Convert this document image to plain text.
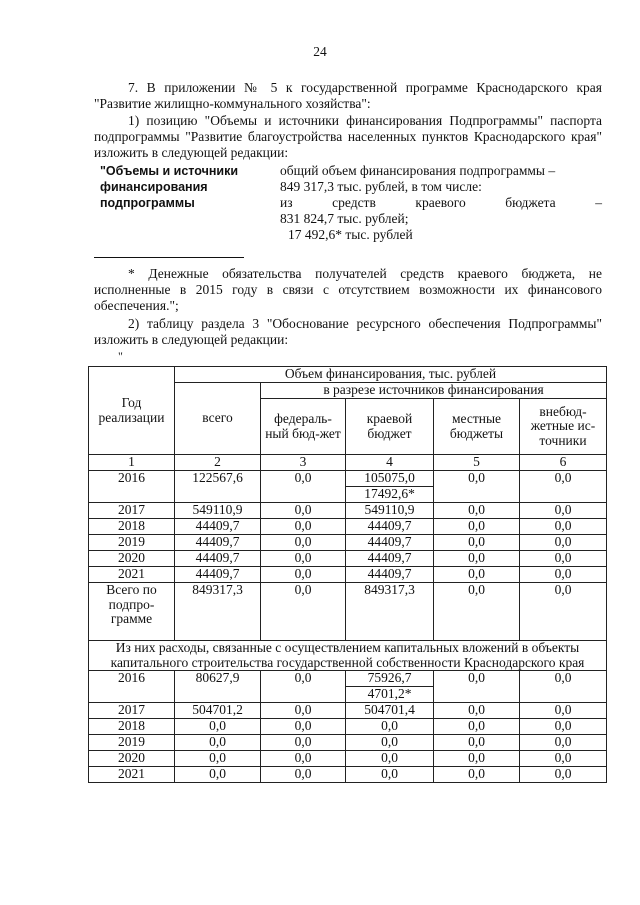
24
7. В приложении № 5 к государственной программе Краснодарского края "Развитие жилищно-коммунального хозяйства":
1) позицию "Объемы и источники финансирования Подпрограммы" паспорта подпрограммы "Развитие благоустройства населенных пунктов Краснодарского края" изложить в следующей редакции:
"Объемы и источники
финансирования
подпрограммы
общий объем финансирования подпрограммы –
849 317,3 тыс. рублей, в том числе:
из	средств	краевого	бюджета	–
831 824,7 тыс. рублей;
17 492,6* тыс. рублей
* Денежные обязательства получателей средств краевого бюджета, не исполненные в 2015 году в связи с отсутствием возможности их финансового обеспечения.";
2) таблицу раздела 3 "Обоснование ресурсного обеспечения Подпрограммы" изложить в следующей редакции:
"
Год реализации	Объем финансирования, тыс. рублей				
	всего	в разрезе источников финансирования			
		федераль-ный бюд-жет	краевой бюджет	местные бюджеты	внебюд-жетные ис-точники
1	2	3	4	5	6
2016	122567,6	0,0	105075,0	0,0	0,0
			17492,6*		
2017	549110,9	0,0	549110,9	0,0	0,0
2018	44409,7	0,0	44409,7	0,0	0,0
2019	44409,7	0,0	44409,7	0,0	0,0
2020	44409,7	0,0	44409,7	0,0	0,0
2021	44409,7	0,0	44409,7	0,0	0,0
Всего по подпро-грамме	849317,3	0,0	849317,3	0,0	0,0
Из них расходы, связанные с осуществлением капитальных вложений в объекты капитального строительства государственной собственности Краснодарского края					
2016	80627,9	0,0	75926,7	0,0	0,0
			4701,2*		
2017	504701,2	0,0	504701,4	0,0	0,0
2018	0,0	0,0	0,0	0,0	0,0
2019	0,0	0,0	0,0	0,0	0,0
2020	0,0	0,0	0,0	0,0	0,0
2021	0,0	0,0	0,0	0,0	0,0
